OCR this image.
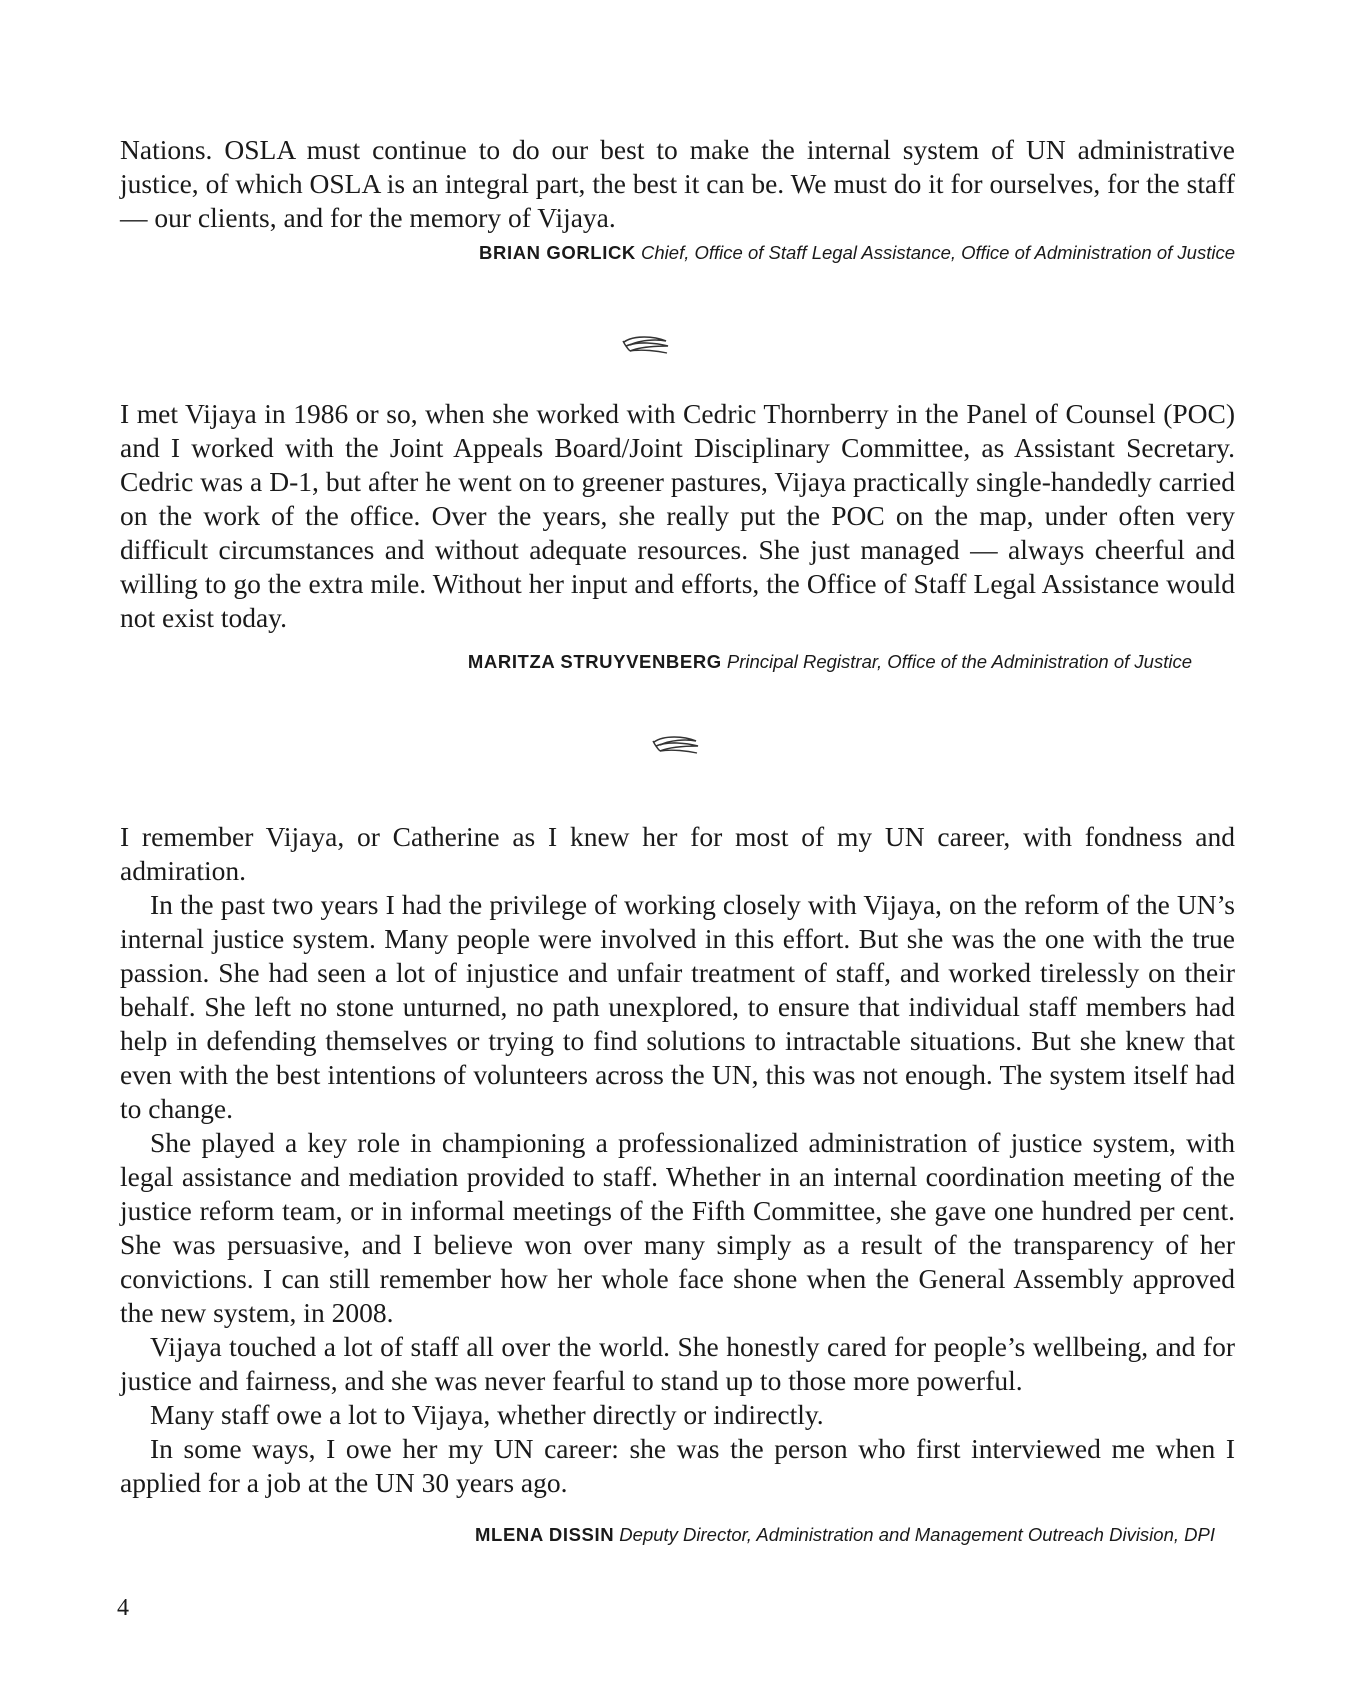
Nations. OSLA must continue to do our best to make the internal system of UN administrative justice, of which OSLA is an integral part, the best it can be. We must do it for ourselves, for the staff — our clients, and for the memory of Vijaya.

BRIAN GORLICK Chief, Office of Staff Legal Assistance, Office of Administration of Justice

I met Vijaya in 1986 or so, when she worked with Cedric Thornberry in the Panel of Counsel (POC) and I worked with the Joint Appeals Board/Joint Disciplinary Committee, as Assistant Secretary. Cedric was a D-1, but after he went on to greener pastures, Vijaya practically single-handedly carried on the work of the office. Over the years, she really put the POC on the map, under often very difficult circumstances and without adequate resources. She just managed — always cheerful and willing to go the extra mile. Without her input and efforts, the Office of Staff Legal Assistance would not exist today.

MARITZA STRUYVENBERG Principal Registrar, Office of the Administration of Justice

I remember Vijaya, or Catherine as I knew her for most of my UN career, with fondness and admiration.

In the past two years I had the privilege of working closely with Vijaya, on the reform of the UN’s internal justice system. Many people were involved in this effort. But she was the one with the true passion. She had seen a lot of injustice and unfair treatment of staff, and worked tirelessly on their behalf. She left no stone unturned, no path unexplored, to ensure that individual staff members had help in defending themselves or trying to find solutions to intractable situations. But she knew that even with the best intentions of volunteers across the UN, this was not enough. The system itself had to change.

She played a key role in championing a professionalized administration of justice system, with legal assistance and mediation provided to staff. Whether in an internal coordination meeting of the justice reform team, or in informal meetings of the Fifth Committee, she gave one hundred per cent. She was persuasive, and I believe won over many simply as a result of the transparency of her convictions. I can still remember how her whole face shone when the General Assembly approved the new system, in 2008.

Vijaya touched a lot of staff all over the world. She honestly cared for people’s wellbeing, and for justice and fairness, and she was never fearful to stand up to those more powerful.

Many staff owe a lot to Vijaya, whether directly or indirectly.

In some ways, I owe her my UN career: she was the person who first interviewed me when I applied for a job at the UN 30 years ago.

MLENA DISSIN Deputy Director, Administration and Management Outreach Division, DPI

4
